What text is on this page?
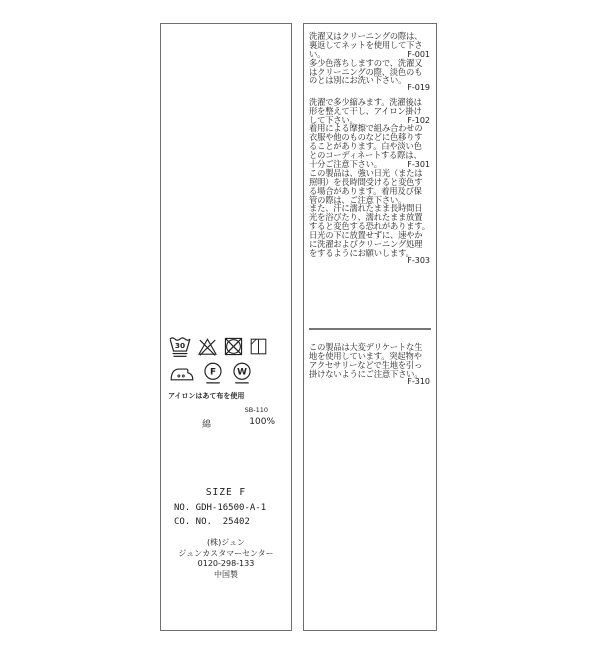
30
F W
アイロンはあて布を使用
SB-110
綿	100%
SIZE F
NO. GDH-16500-A-1
CO. NO.  25402
(株)ジュン
ジュンカスタマーセンター
0120-298-133
中国製
洗濯又はクリーニングの際は、
裏返してネットを使用して下さ
い。	F-001
多少色落ちしますので、洗濯又
はクリーニングの際、淡色のも
のとは別にお洗い下さい。
F-019
洗濯で多少縮みます。洗濯後は
形を整えて干し、アイロン掛け
して下さい。	F-102
着用による摩擦で組み合わせの
衣服や他のものなどに色移りす
ることがあります。白や淡い色
とのコーディネートする際は、
十分ご注意下さい。	F-301
この製品は、強い日光（または
照明）を長時間受けると変色す
る場合があります。着用及び保
管の際は、ご注意下さい。
また、汗に濡れたまま長時間日
光を浴びたり、濡れたまま放置
すると変色する恐れがあります。
日光の下に放置せずに、速やか
に洗濯およびクリーニング処理
をするようにお願いします。
F-303
この製品は大変デリケートな生
地を使用しています。突起物や
アクセサリーなどで生地を引っ
掛けないようにご注意下さい。
F-310
